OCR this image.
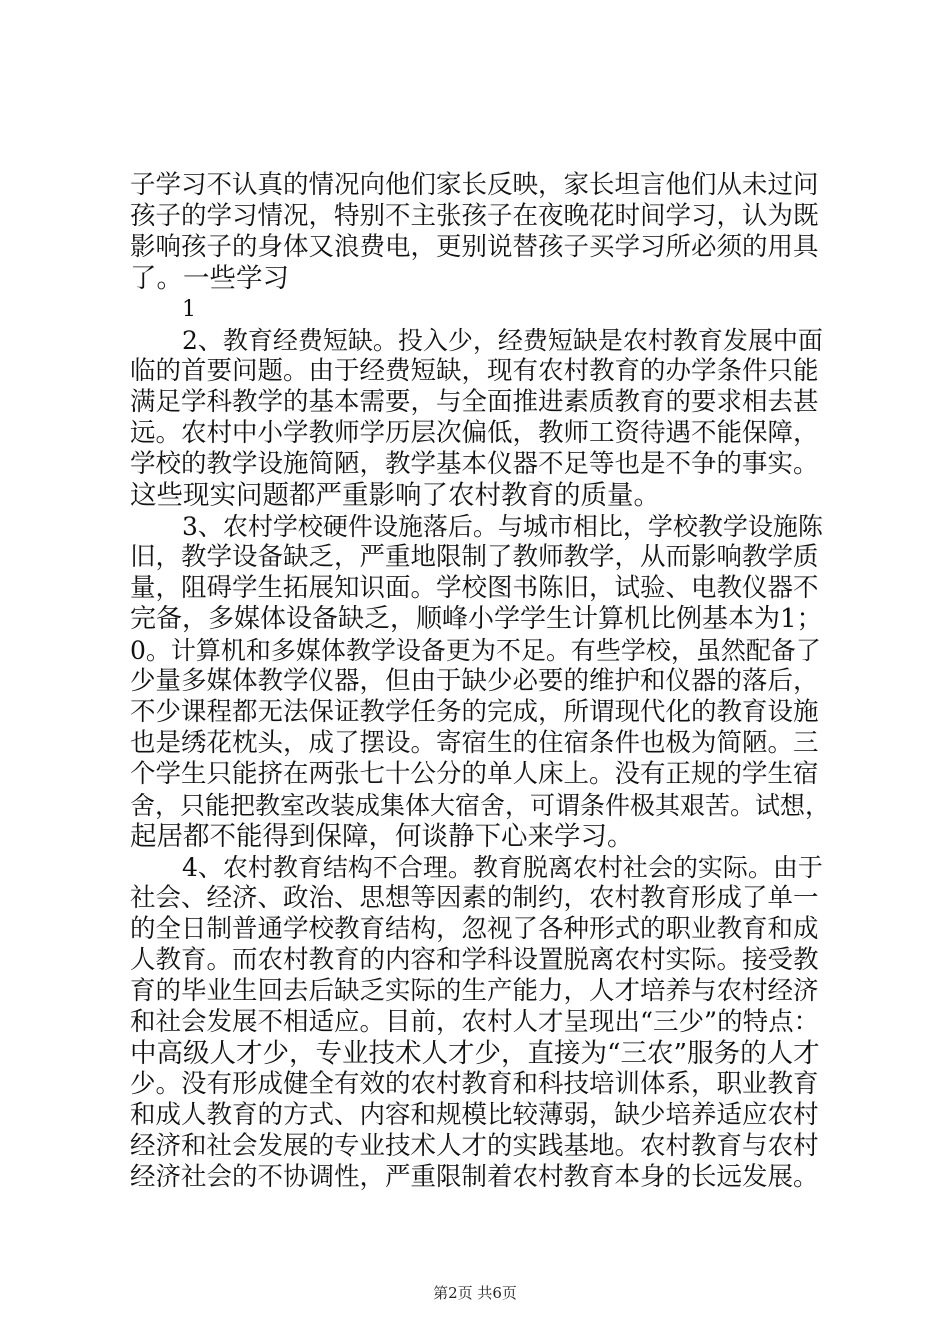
子学习不认真的情况向他们家长反映，家长坦言他们从未过问
孩子的学习情况，特别不主张孩子在夜晚花时间学习，认为既
影响孩子的身体又浪费电，更别说替孩子买学习所必须的用具
了。一些学习
1
2、教育经费短缺。投入少，经费短缺是农村教育发展中面
临的首要问题。由于经费短缺，现有农村教育的办学条件只能
满足学科教学的基本需要，与全面推进素质教育的要求相去甚
远。农村中小学教师学历层次偏低，教师工资待遇不能保障，
学校的教学设施简陋，教学基本仪器不足等也是不争的事实。
这些现实问题都严重影响了农村教育的质量。
3、农村学校硬件设施落后。与城市相比，学校教学设施陈
旧，教学设备缺乏，严重地限制了教师教学，从而影响教学质
量，阻碍学生拓展知识面。学校图书陈旧，试验、电教仪器不
完备，多媒体设备缺乏，顺峰小学学生计算机比例基本为1；
0。计算机和多媒体教学设备更为不足。有些学校，虽然配备了
少量多媒体教学仪器，但由于缺少必要的维护和仪器的落后，
不少课程都无法保证教学任务的完成，所谓现代化的教育设施
也是绣花枕头，成了摆设。寄宿生的住宿条件也极为简陋。三
个学生只能挤在两张七十公分的单人床上。没有正规的学生宿
舍，只能把教室改装成集体大宿舍，可谓条件极其艰苦。试想，
起居都不能得到保障，何谈静下心来学习。
4、农村教育结构不合理。教育脱离农村社会的实际。由于
社会、经济、政治、思想等因素的制约，农村教育形成了单一
的全日制普通学校教育结构，忽视了各种形式的职业教育和成
人教育。而农村教育的内容和学科设置脱离农村实际。接受教
育的毕业生回去后缺乏实际的生产能力，人才培养与农村经济
和社会发展不相适应。目前，农村人才呈现出“三少”的特点：
中高级人才少，专业技术人才少，直接为“三农”服务的人才
少。没有形成健全有效的农村教育和科技培训体系，职业教育
和成人教育的方式、内容和规模比较薄弱，缺少培养适应农村
经济和社会发展的专业技术人才的实践基地。农村教育与农村
经济社会的不协调性，严重限制着农村教育本身的长远发展。
第2页 共6页
